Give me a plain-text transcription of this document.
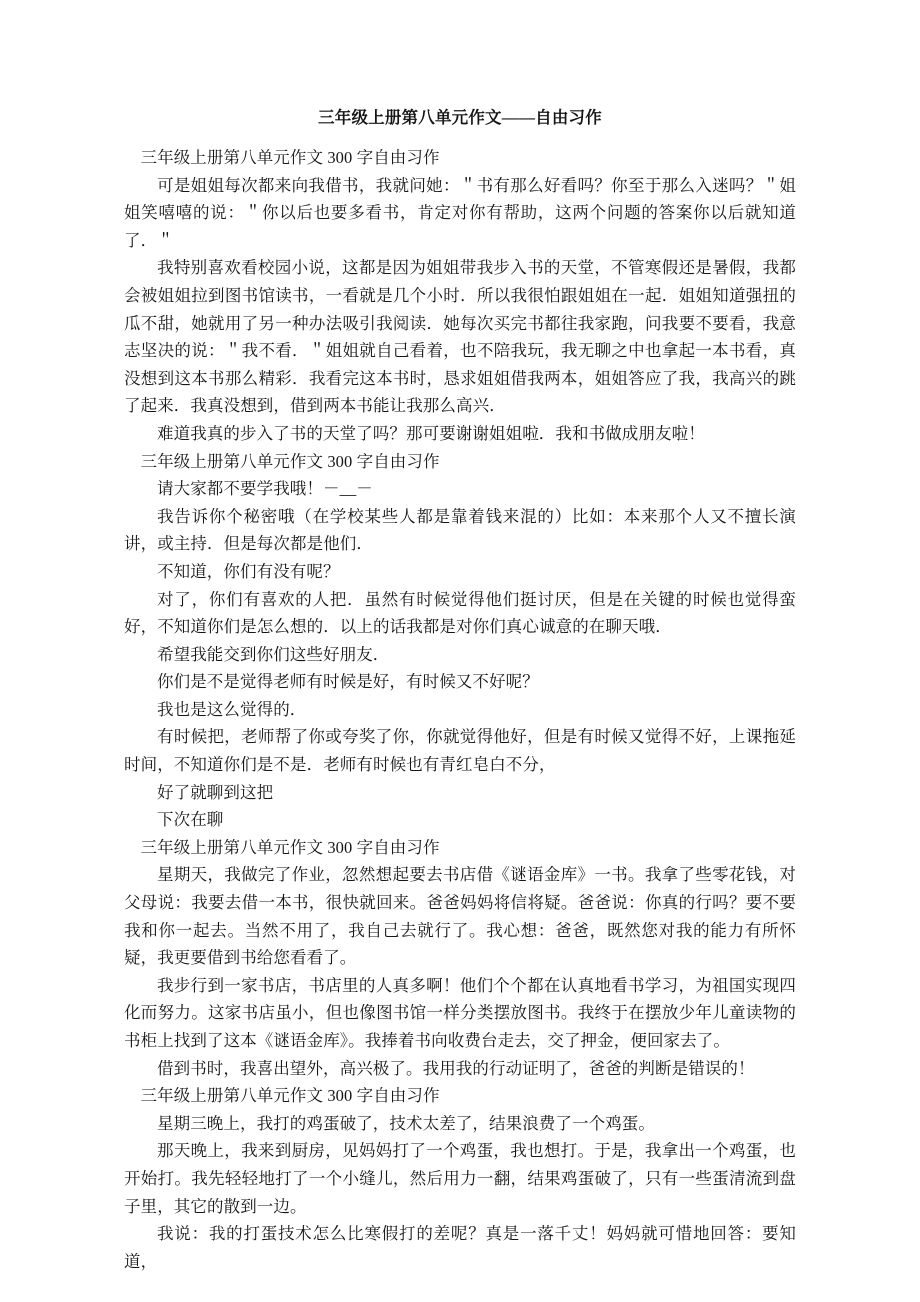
三年级上册第八单元作文——自由习作

三年级上册第八单元作文 300 字自由习作

可是姐姐每次都来向我借书，我就问她：＂书有那么好看吗？你至于那么入迷吗？＂姐姐笑嘻嘻的说：＂你以后也要多看书，肯定对你有帮助，这两个问题的答案你以后就知道了．＂

我特别喜欢看校园小说，这都是因为姐姐带我步入书的天堂，不管寒假还是暑假，我都会被姐姐拉到图书馆读书，一看就是几个小时．所以我很怕跟姐姐在一起．姐姐知道强扭的瓜不甜，她就用了另一种办法吸引我阅读．她每次买完书都往我家跑，问我要不要看，我意志坚决的说：＂我不看．＂姐姐就自己看着，也不陪我玩，我无聊之中也拿起一本书看，真没想到这本书那么精彩．我看完这本书时，恳求姐姐借我两本，姐姐答应了我，我高兴的跳了起来．我真没想到，借到两本书能让我那么高兴．

难道我真的步入了书的天堂了吗？那可要谢谢姐姐啦．我和书做成朋友啦！

三年级上册第八单元作文 300 字自由习作

请大家都不要学我哦！－__－

我告诉你个秘密哦（在学校某些人都是靠着钱来混的）比如：本来那个人又不擅长演讲，或主持．但是每次都是他们．

不知道，你们有没有呢？

对了，你们有喜欢的人把．虽然有时候觉得他们挺讨厌，但是在关键的时候也觉得蛮好，不知道你们是怎么想的．以上的话我都是对你们真心诚意的在聊天哦．

希望我能交到你们这些好朋友．

你们是不是觉得老师有时候是好，有时候又不好呢？

我也是这么觉得的．

有时候把，老师帮了你或夸奖了你，你就觉得他好，但是有时候又觉得不好，上课拖延时间，不知道你们是不是．老师有时候也有青红皂白不分，

好了就聊到这把

下次在聊

三年级上册第八单元作文 300 字自由习作

星期天，我做完了作业，忽然想起要去书店借《谜语金库》一书。我拿了些零花钱，对父母说：我要去借一本书，很快就回来。爸爸妈妈将信将疑。爸爸说：你真的行吗？要不要我和你一起去。当然不用了，我自己去就行了。我心想：爸爸，既然您对我的能力有所怀疑，我更要借到书给您看看了。

我步行到一家书店，书店里的人真多啊！他们个个都在认真地看书学习，为祖国实现四化而努力。这家书店虽小，但也像图书馆一样分类摆放图书。我终于在摆放少年儿童读物的书柜上找到了这本《谜语金库》。我捧着书向收费台走去，交了押金，便回家去了。

借到书时，我喜出望外，高兴极了。我用我的行动证明了，爸爸的判断是错误的！

三年级上册第八单元作文 300 字自由习作

星期三晚上，我打的鸡蛋破了，技术太差了，结果浪费了一个鸡蛋。

那天晚上，我来到厨房，见妈妈打了一个鸡蛋，我也想打。于是，我拿出一个鸡蛋，也开始打。我先轻轻地打了一个小缝儿，然后用力一翻，结果鸡蛋破了，只有一些蛋清流到盘子里，其它的散到一边。

我说：我的打蛋技术怎么比寒假打的差呢？真是一落千丈！妈妈就可惜地回答：要知道，
